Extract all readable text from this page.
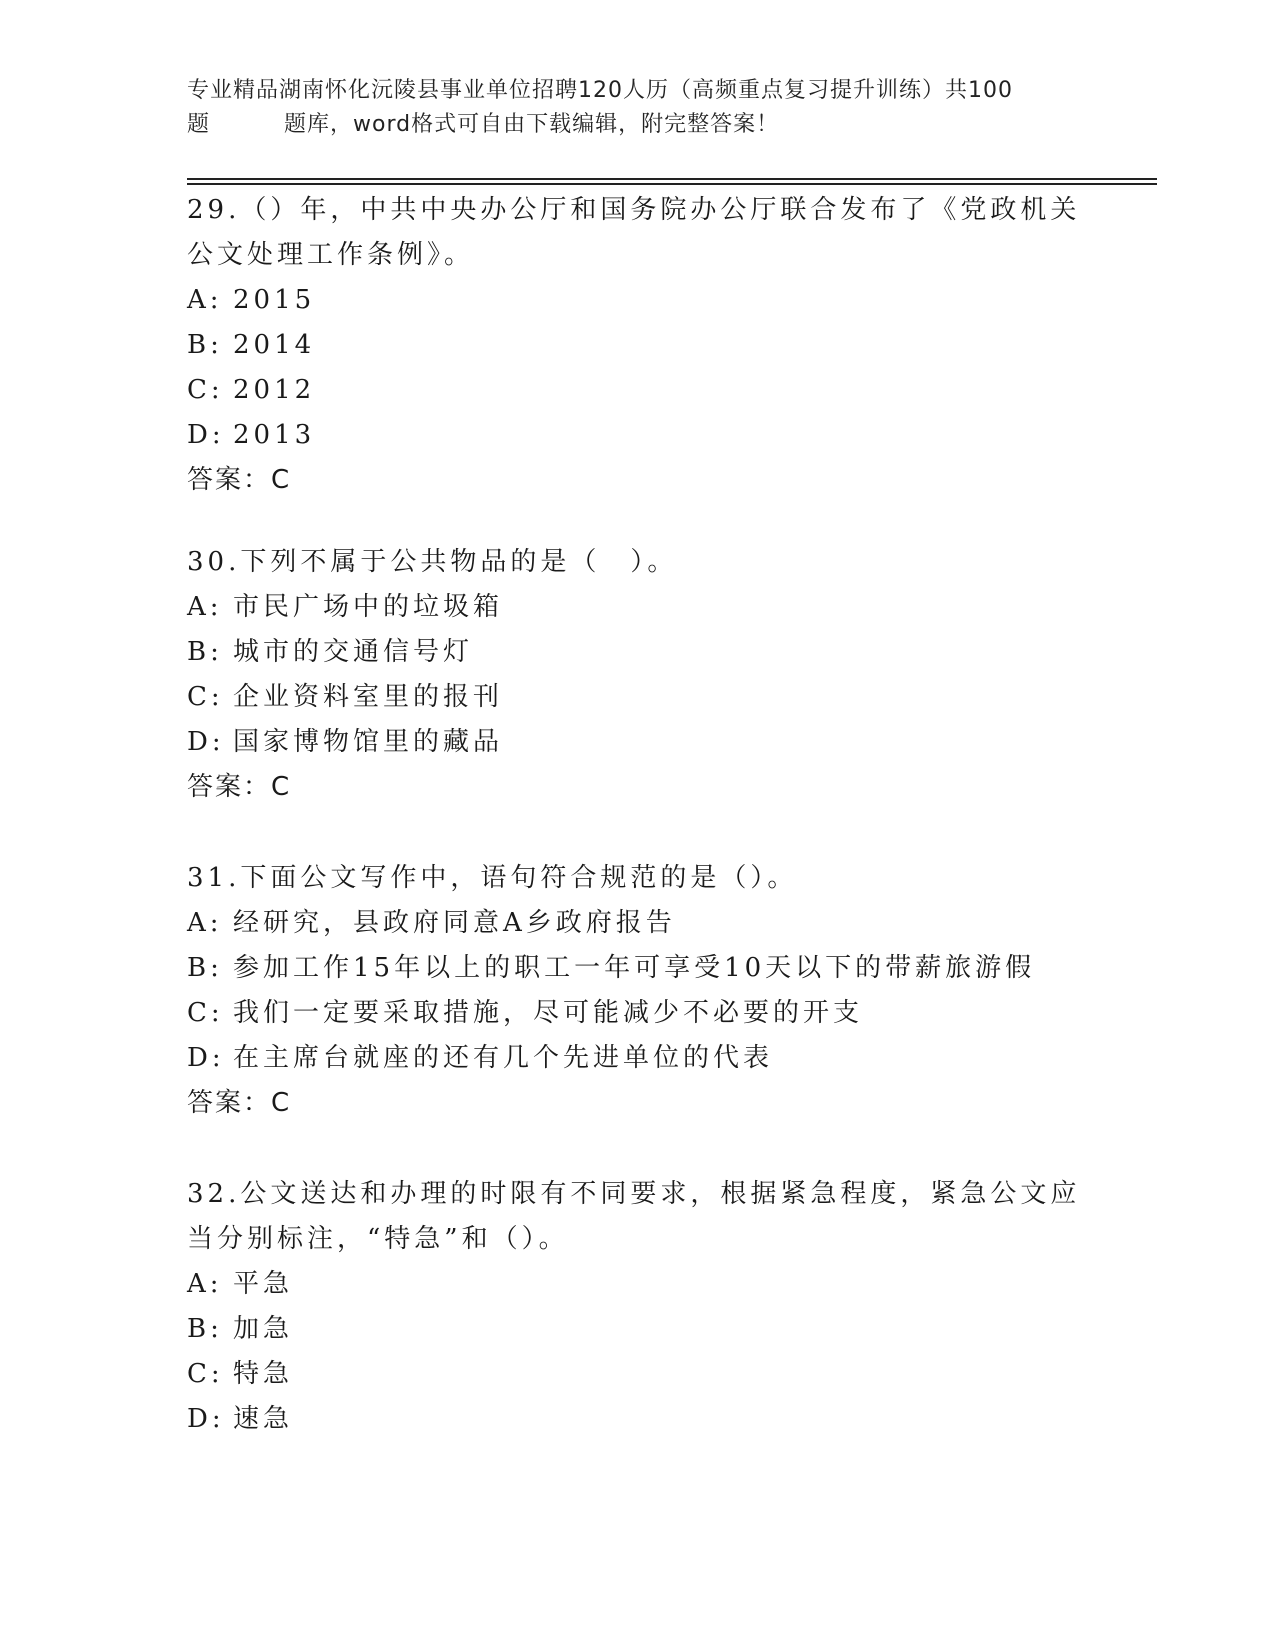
专业精品湖南怀化沅陵县事业单位招聘120人历（高频重点复习提升训练）共100
题	题库，word格式可自由下载编辑，附完整答案！

29.（）年，中共中央办公厅和国务院办公厅联合发布了《党政机关公文处理工作条例》。

A: 2015
B: 2014
C: 2012
D: 2013
答案：C

30.下列不属于公共物品的是（　）。

A: 市民广场中的垃圾箱
B: 城市的交通信号灯
C: 企业资料室里的报刊
D: 国家博物馆里的藏品
答案：C

31.下面公文写作中，语句符合规范的是（）。

A: 经研究，县政府同意A乡政府报告
B: 参加工作15年以上的职工一年可享受10天以下的带薪旅游假
C: 我们一定要采取措施，尽可能减少不必要的开支
D: 在主席台就座的还有几个先进单位的代表
答案：C

32.公文送达和办理的时限有不同要求，根据紧急程度，紧急公文应当分别标注，“特急”和（）。

A: 平急
B: 加急
C: 特急
D: 速急
